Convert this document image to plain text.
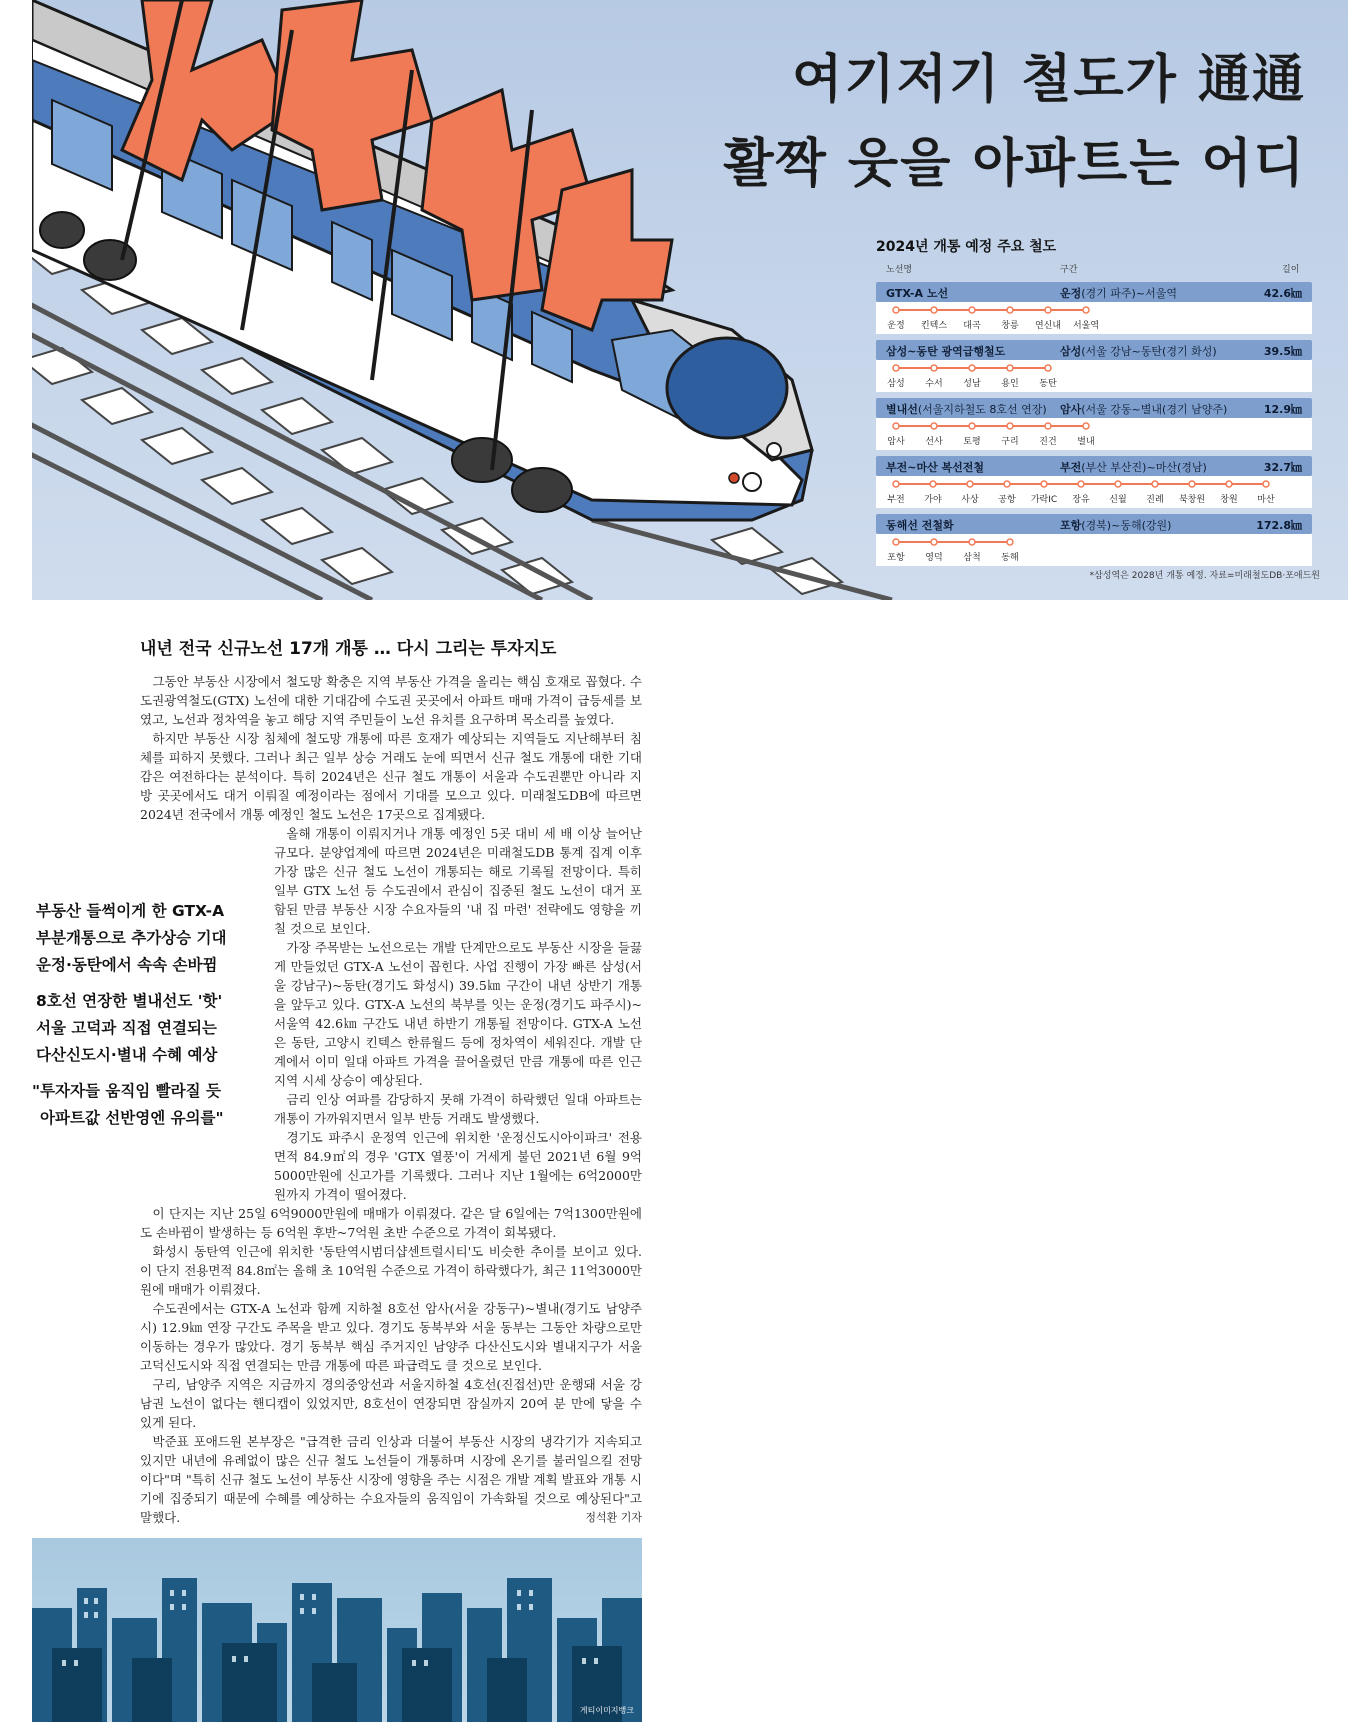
여기저기 철도가 通通
활짝 웃을 아파트는 어디
2024년 개통 예정 주요 철도
노선명	구간	길이
GTX-A 노선	운정(경기 파주)~서울역	42.6㎞
운정 킨텍스 대곡 창릉 연신내 서울역
삼성~동탄 광역급행철도	삼성(서울 강남~동탄(경기 화성)	39.5㎞
삼성 수서 성남 용인 동탄
별내선(서울지하철도 8호선 연장) 암사(서울 강동~별내(경기 남양주)	12.9㎞
암사 선사 토평 구리 진건 별내
부전~마산 복선전철	부전(부산 부산진)~마산(경남)	32.7㎞
부전 가야 사상 공항 가락IC 장유 신월 진례 북창원 창원 마산
동해선 전철화	포항(경북)~동해(강원)	172.8㎞
포항 영덕 삼척 동해
*삼성역은 2028년 개통 예정. 자료=미래철도DB·포애드원
내년 전국 신규노선 17개 개통 … 다시 그리는 투자지도

그동안 부동산 시장에서 철도망 확충은 지역 부동산 가격을 올리는 핵심 호재로 꼽혔다. 수도권광역철도(GTX) 노선에 대한 기대감에 수도권 곳곳에서 아파트 매매 가격이 급등세를 보였고, 노선과 정차역을 놓고 해당 지역 주민들이 노선 유치를 요구하며 목소리를 높였다.

하지만 부동산 시장 침체에 철도망 개통에 따른 호재가 예상되는 지역들도 지난해부터 침체를 피하지 못했다. 그러나 최근 일부 상승 거래도 눈에 띄면서 신규 철도 개통에 대한 기대감은 여전하다는 분석이다. 특히 2024년은 신규 철도 개통이 서울과 수도권뿐만 아니라 지방 곳곳에서도 대거 이뤄질 예정이라는 점에서 기대를 모으고 있다. 미래철도DB에 따르면 2024년 전국에서 개통 예정인 철도 노선은 17곳으로 집계됐다.

올해 개통이 이뤄지거나 개통 예정인 5곳 대비 세 배 이상 늘어난 규모다. 분양업계에 따르면 2024년은 미래철도DB 통계 집계 이후 가장 많은 신규 철도 노선이 개통되는 해로 기록될 전망이다. 특히 일부 GTX 노선 등 수도권에서 관심이 집중된 철도 노선이 대거 포함된 만큼 부동산 시장 수요자들의 '내 집 마련' 전략에도 영향을 끼칠 것으로 보인다.

가장 주목받는 노선으로는 개발 단계만으로도 부동산 시장을 들끓게 만들었던 GTX-A 노선이 꼽힌다. 사업 진행이 가장 빠른 삼성(서울 강남구)~동탄(경기도 화성시) 39.5㎞ 구간이 내년 상반기 개통을 앞두고 있다. GTX-A 노선의 북부를 잇는 운정(경기도 파주시)~서울역 42.6㎞ 구간도 내년 하반기 개통될 전망이다. GTX-A 노선은 동탄, 고양시 킨텍스 한류월드 등에 정차역이 세워진다. 개발 단계에서 이미 일대 아파트 가격을 끌어올렸던 만큼 개통에 따른 인근 지역 시세 상승이 예상된다.

금리 인상 여파를 감당하지 못해 가격이 하락했던 일대 아파트는 개통이 가까워지면서 일부 반등 거래도 발생했다.

경기도 파주시 운정역 인근에 위치한 '운정신도시아이파크' 전용면적 84.9㎡의 경우 'GTX 열풍'이 거세게 불던 2021년 6월 9억5000만원에 신고가를 기록했다. 그러나 지난 1월에는 6억2000만원까지 가격이 떨어졌다.

이 단지는 지난 25일 6억9000만원에 매매가 이뤄졌다. 같은 달 6일에는 7억1300만원에도 손바뀜이 발생하는 등 6억원 후반~7억원 초반 수준으로 가격이 회복됐다.

화성시 동탄역 인근에 위치한 '동탄역시범더샵센트럴시티'도 비슷한 추이를 보이고 있다. 이 단지 전용면적 84.8㎡는 올해 초 10억원 수준으로 가격이 하락했다가, 최근 11억3000만원에 매매가 이뤄졌다.

수도권에서는 GTX-A 노선과 함께 지하철 8호선 암사(서울 강동구)~별내(경기도 남양주시) 12.9㎞ 연장 구간도 주목을 받고 있다. 경기도 동북부와 서울 동부는 그동안 차량으로만 이동하는 경우가 많았다. 경기 동북부 핵심 주거지인 남양주 다산신도시와 별내지구가 서울 고덕신도시와 직접 연결되는 만큼 개통에 따른 파급력도 클 것으로 보인다.

구리, 남양주 지역은 지금까지 경의중앙선과 서울지하철 4호선(진접선)만 운행돼 서울 강남권 노선이 없다는 핸디캡이 있었지만, 8호선이 연장되면 잠실까지 20여 분 만에 닿을 수 있게 된다.

박준표 포애드원 본부장은 "급격한 금리 인상과 더불어 부동산 시장의 냉각기가 지속되고 있지만 내년에 유례없이 많은 신규 철도 노선들이 개통하며 시장에 온기를 불러일으킬 전망이다"며 "특히 신규 철도 노선이 부동산 시장에 영향을 주는 시점은 개발 계획 발표와 개통 시기에 집중되기 때문에 수혜를 예상하는 수요자들의 움직임이 가속화될 것으로 예상된다"고 말했다.	정석환 기자

부동산 들썩이게 한 GTX-A
부분개통으로 추가상승 기대
운정·동탄에서 속속 손바뀜
8호선 연장한 별내선도 '핫'
서울 고덕과 직접 연결되는
다산신도시·별내 수혜 예상
"투자자들 움직임 빨라질 듯
아파트값 선반영엔 유의를"
게티이미지뱅크
